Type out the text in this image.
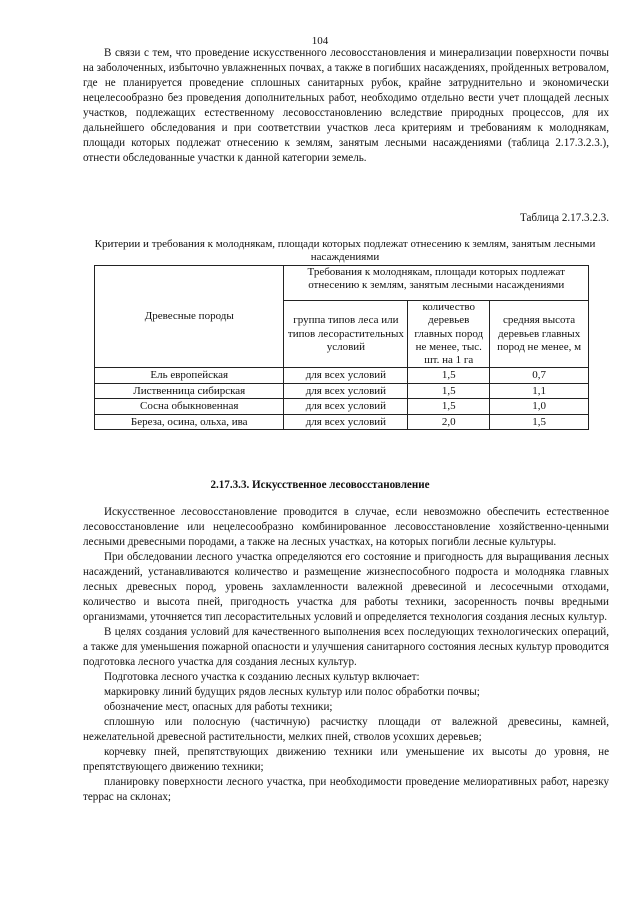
104

В связи с тем, что проведение искусственного лесовосстановления и минерализации поверхности почвы на заболоченных, избыточно увлажненных почвах, а также в погибших насаждениях, пройденных ветровалом, где не планируется проведение сплошных санитарных рубок, крайне затруднительно и экономически нецелесообразно без проведения дополнительных работ, необходимо отдельно вести учет площадей лесных участков, подлежащих естественному лесовосстановлению вследствие природных процессов, для их дальнейшего обследования и при соответствии участков леса критериям и требованиям к молоднякам, площади которых подлежат отнесению к землям, занятым лесными насаждениями (таблица 2.17.3.2.3.), отнести обследованные участки к данной категории земель.

Таблица 2.17.3.2.3.
Критерии и требования к молоднякам, площади которых подлежат отнесению к землям, занятым лесными насаждениями
Древесные породы	Требования к молоднякам, площади которых подлежат отнесению к землям, занятым лесными насаждениями		
	группа типов леса или типов лесорастительных условий	количество деревьев главных пород не менее, тыс. шт. на 1 га	средняя высота деревьев главных пород не менее, м
Ель европейская	для всех условий	1,5	0,7
Лиственница сибирская	для всех условий	1,5	1,1
Сосна обыкновенная	для всех условий	1,5	1,0
Береза, осина, ольха, ива	для всех условий	2,0	1,5
2.17.3.3. Искусственное лесовосстановление

Искусственное лесовосстановление проводится в случае, если невозможно обеспечить естественное лесовосстановление или нецелесообразно комбинированное лесовосстановление хозяйственно-ценными лесными древесными породами, а также на лесных участках, на которых погибли лесные культуры.

При обследовании лесного участка определяются его состояние и пригодность для выращивания лесных насаждений, устанавливаются количество и размещение жизнеспособного подроста и молодняка главных лесных древесных пород, уровень захламленности валежной древесиной и лесосечными отходами, количество и высота пней, пригодность участка для работы техники, засоренность почвы вредными организмами, уточняется тип лесорастительных условий и определяется технология создания лесных культур.

В целях создания условий для качественного выполнения всех последующих технологических операций, а также для уменьшения пожарной опасности и улучшения санитарного состояния лесных культур проводится подготовка лесного участка для создания лесных культур.

Подготовка лесного участка к созданию лесных культур включает:

маркировку линий будущих рядов лесных культур или полос обработки почвы;

обозначение мест, опасных для работы техники;

сплошную или полосную (частичную) расчистку площади от валежной древесины, камней, нежелательной древесной растительности, мелких пней, стволов усохших деревьев;

корчевку пней, препятствующих движению техники или уменьшение их высоты до уровня, не препятствующего движению техники;

планировку поверхности лесного участка, при необходимости проведение мелиоративных работ, нарезку террас на склонах;
